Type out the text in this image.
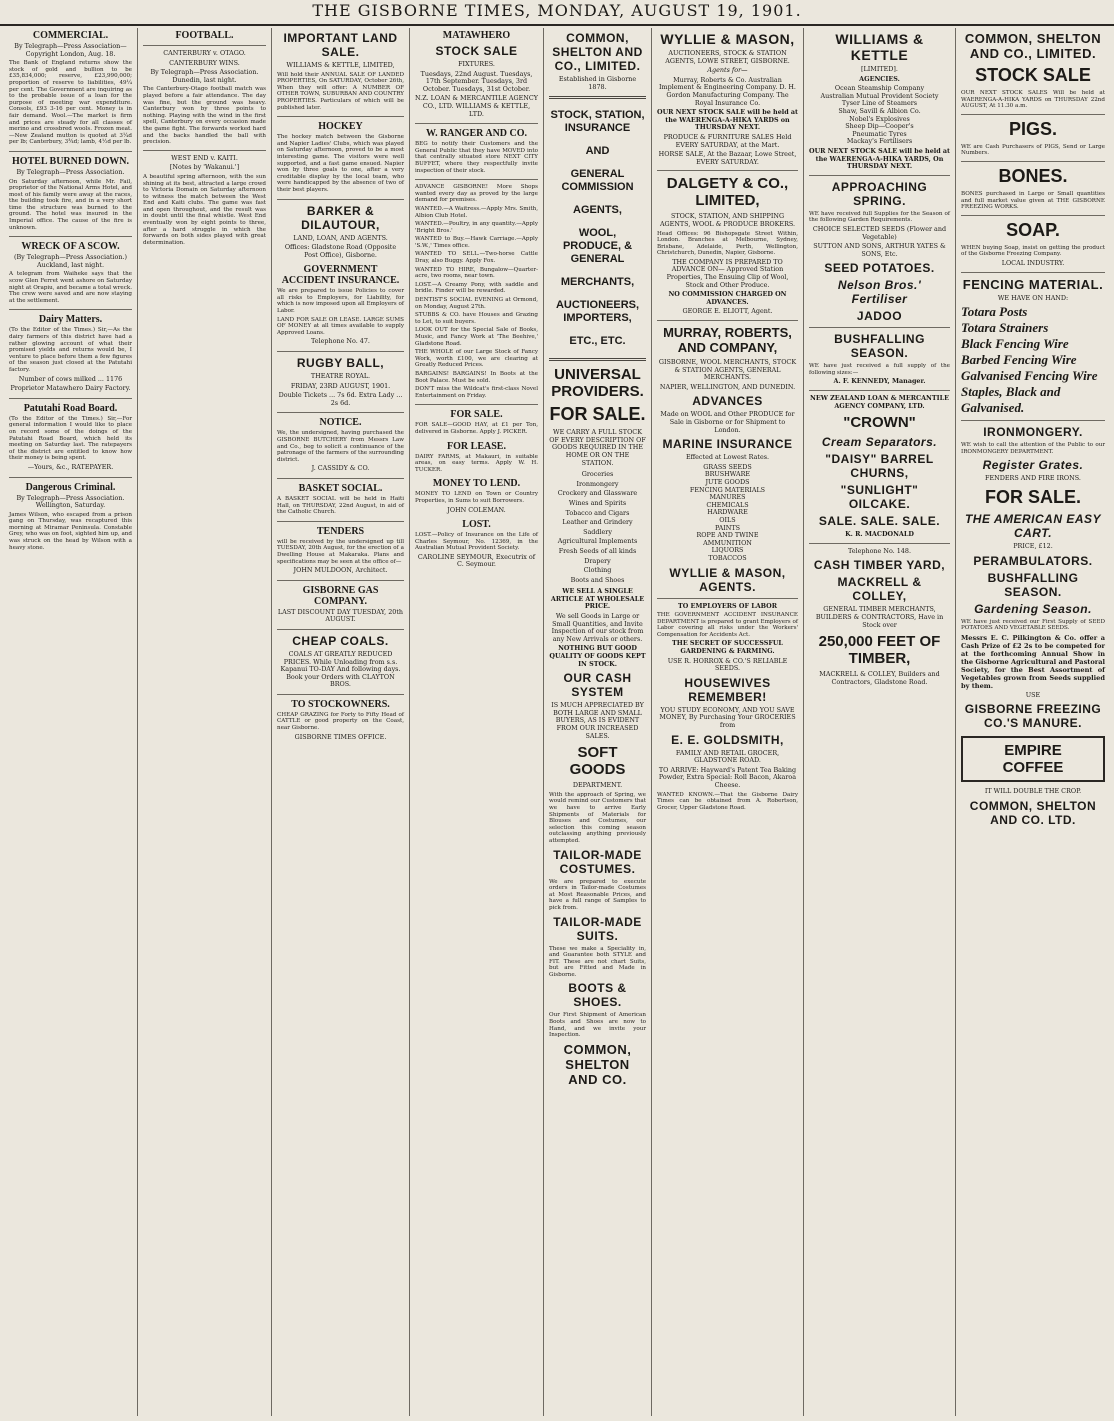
THE GISBORNE TIMES, MONDAY, AUGUST 19, 1901.
COMMERCIAL.
By Telegraph—Press Association—Copyright London, Aug. 18.
The Bank of England returns show the stock of gold and bullion to be £35,834,000; reserve, £23,990,000; proportion of reserve to liabilities, 49¼ per cent. The Government are inquiring as to the probable issue of a loan for the purpose of meeting war expenditure. Consols, £93 3-16 per cent. Money is in fair demand. Wool.—The market is firm and prices are steady for all classes of merino and crossbred wools. Frozen meat.—New Zealand mutton is quoted at 3¼d per lb; Canterbury, 3¾d; lamb, 4½d per lb.
HOTEL BURNED DOWN.
By Telegraph—Press Association.
On Saturday afternoon, while Mr. Fail, proprietor of the National Arms Hotel, and most of his family were away at the races, the building took fire, and in a very short time the structure was burned to the ground. The hotel was insured in the Imperial office. The cause of the fire is unknown.
WRECK OF A SCOW.
(By Telegraph—Press Association.) Auckland, last night.
A telegram from Waiheke says that the scow Glen Ferret went ashore on Saturday night at Orapiu, and became a total wreck. The crew were saved and are now staying at the settlement.
Dairy Matters.
(To the Editor of the Times.) Sir,—As the dairy farmers of this district have had a rather glowing account of what their promised yields and returns would be, I venture to place before them a few figures of the season just closed at the Patutahi factory.
Number of cows milked ... 1176
Proprietor Matawhero Dairy Factory.
Patutahi Road Board.
(To the Editor of the Times.) Sir,—For general information I would like to place on record some of the doings of the Patutahi Road Board, which held its meeting on Saturday last. The ratepayers of the district are entitled to know how their money is being spent.
—Yours, &c., RATEPAYER.
Dangerous Criminal.
By Telegraph—Press Association. Wellington, Saturday.
James Wilson, who escaped from a prison gang on Thursday, was recaptured this morning at Miramar Peninsula. Constable Grey, who was on foot, sighted him up, and was struck on the head by Wilson with a heavy stone.
FOOTBALL.
CANTERBURY v. OTAGO.
CANTERBURY WINS.
By Telegraph—Press Association. Dunedin, last night.
The Canterbury-Otago football match was played before a fair attendance. The day was fine, but the ground was heavy. Canterbury won by three points to nothing. Playing with the wind in the first spell, Canterbury on every occasion made the game fight. The forwards worked hard and the backs handled the ball with precision.
WEST END v. KAITI.
[Notes by 'Wakanui.']
A beautiful spring afternoon, with the sun shining at its best, attracted a large crowd to Victoria Domain on Saturday afternoon to witness the match between the West End and Kaiti clubs. The game was fast and open throughout, and the result was in doubt until the final whistle. West End eventually won by eight points to three, after a hard struggle in which the forwards on both sides played with great determination.
IMPORTANT LAND SALE.
WILLIAMS & KETTLE, LIMITED,
Will hold their ANNUAL SALE OF LANDED PROPERTIES, On SATURDAY, October 26th, When they will offer: A NUMBER OF OTHER TOWN, SUBURBAN AND COUNTRY PROPERTIES. Particulars of which will be published later.
HOCKEY
The hockey match between the Gisborne and Napier Ladies' Clubs, which was played on Saturday afternoon, proved to be a most interesting game. The visitors were well supported, and a fast game ensued. Napier won by three goals to one, after a very creditable display by the local team, who were handicapped by the absence of two of their best players.
BARKER & DILAUTOUR,
LAND, LOAN, AND AGENTS.
Offices: Gladstone Road (Opposite Post Office), Gisborne.
GOVERNMENT ACCIDENT INSURANCE.
We are prepared to issue Policies to cover all risks to Employers, for Liability, for which is now imposed upon all Employers of Labor.
LAND FOR SALE OR LEASE. LARGE SUMS OF MONEY at all times available to supply Approved Loans.
Telephone No. 47.
RUGBY BALL,
THEATRE ROYAL.
FRIDAY, 23RD AUGUST, 1901.
Double Tickets ... 7s 6d. Extra Lady ... 2s 6d.
NOTICE.
We, the undersigned, having purchased the GISBORNE BUTCHERY from Messrs Law and Co., beg to solicit a continuance of the patronage of the farmers of the surrounding district.
J. CASSIDY & CO.
BASKET SOCIAL.
A BASKET SOCIAL will be held in Haiti Hall, on THURSDAY, 22nd August, in aid of the Catholic Church.
TENDERS
will be received by the undersigned up till TUESDAY, 20th August, for the erection of a Dwelling House at Makaraka. Plans and specifications may be seen at the office of—
JOHN MULDOON, Architect.
GISBORNE GAS COMPANY.
LAST DISCOUNT DAY TUESDAY, 20th AUGUST.
CHEAP COALS.
COALS AT GREATLY REDUCED PRICES. While Unloading from s.s. Kapanui TO-DAY And following days. Book your Orders with CLAYTON BROS.
TO STOCKOWNERS.
CHEAP GRAZING for Forty to Fifty Head of CATTLE or good property on the Coast, near Gisborne.
GISBORNE TIMES OFFICE.
MATAWHERO
STOCK SALE
FIXTURES.
Tuesdays, 22nd August. Tuesdays, 17th September. Tuesdays, 3rd October. Tuesdays, 31st October.
N.Z. LOAN & MERCANTILE AGENCY CO., LTD. WILLIAMS & KETTLE, LTD.
W. RANGER AND CO.
BEG to notify their Customers and the General Public that they have MOVED into that centrally situated store NEXT CITY BUFFET, where they respectfully invite inspection of their stock.
ADVANCE GISBORNE! More Shops wanted every day as proved by the large demand for premises.
WANTED.—A Waitress.—Apply Mrs. Smith, Albion Club Hotel.
WANTED.—Poultry, in any quantity.—Apply 'Bright Bros.'
WANTED to Buy.—Hawk Carriage.—Apply 'S.W.,' Times office.
WANTED TO SELL.—Two-horse Cattle Dray, also Buggy. Apply Fox.
WANTED TO HIRE, Bungalow—Quarter-acre, two rooms, near town.
LOST.—A Creamy Pony, with saddle and bridle. Finder will be rewarded.
DENTIST'S SOCIAL EVENING at Ormond, on Monday, August 27th.
STUBBS & CO. have Houses and Grazing to Let, to suit buyers.
LOOK OUT for the Special Sale of Books, Music, and Fancy Work at 'The Beehive,' Gladstone Road.
THE WHOLE of our Large Stock of Fancy Work, worth £100, we are clearing at Greatly Reduced Prices.
BARGAINS! BARGAINS! In Boots at the Boot Palace. Must be sold.
DON'T miss the Wildcat's first-class Novel Entertainment on Friday.
FOR SALE.
FOR SALE—GOOD HAY, at £1 per Ton, delivered in Gisborne. Apply J. PICKER.
FOR LEASE.
DAIRY FARMS, at Makauri, in suitable areas, on easy terms. Apply W. H. TUCKER.
MONEY TO LEND.
MONEY TO LEND on Town or Country Properties, in Sums to suit Borrowers.
JOHN COLEMAN.
LOST.
LOST.—Policy of Insurance on the Life of Charles Seymour, No. 12369, in the Australian Mutual Provident Society.
CAROLINE SEYMOUR, Executrix of C. Seymour.
COMMON, SHELTON AND CO., LIMITED.
Established in Gisborne 1878.
STOCK, STATION, INSURANCE
AND
GENERAL COMMISSION
AGENTS,
WOOL, PRODUCE, & GENERAL
MERCHANTS,
AUCTIONEERS, IMPORTERS,
ETC., ETC.
UNIVERSAL PROVIDERS.
FOR SALE.
WE CARRY A FULL STOCK OF EVERY DESCRIPTION OF GOODS REQUIRED IN THE HOME OR ON THE STATION.
Groceries
Ironmongery
Crockery and Glassware
Wines and Spirits
Tobacco and Cigars
Leather and Grindery
Saddlery
Agricultural Implements
Fresh Seeds of all kinds
Drapery
Clothing
Boots and Shoes
WE SELL A SINGLE ARTICLE AT WHOLESALE PRICE.
We sell Goods in Large or Small Quantities, and Invite Inspection of our stock from any New Arrivals or others.
NOTHING BUT GOOD QUALITY OF GOODS KEPT IN STOCK.
OUR CASH SYSTEM
IS MUCH APPRECIATED BY BOTH LARGE AND SMALL BUYERS, AS IS EVIDENT FROM OUR INCREASED SALES.
SOFT GOODS
DEPARTMENT.
With the approach of Spring, we would remind our Customers that we have to arrive Early Shipments of Materials for Blouses and Costumes, our selection this coming season outclassing anything previously attempted.
TAILOR-MADE COSTUMES.
We are prepared to execute orders in Tailor-made Costumes at Most Reasonable Prices, and have a full range of Samples to pick from.
TAILOR-MADE SUITS.
These we make a Speciality in, and Guarantee both STYLE and FIT. These are not chart Suits, but are Fitted and Made in Gisborne.
BOOTS & SHOES.
Our First Shipment of American Boots and Shoes are now to Hand, and we invite your Inspection.
COMMON, SHELTON AND CO.
WYLLIE & MASON,
AUCTIONEERS, STOCK & STATION AGENTS, LOWE STREET, GISBORNE.
Agents for—
Murray, Roberts & Co. Australian Implement & Engineering Company. D. H. Gordon Manufacturing Company. The Royal Insurance Co.
OUR NEXT STOCK SALE will be held at the WAERENGA-A-HIKA YARDS on THURSDAY NEXT.
PRODUCE & FURNITURE SALES Held EVERY SATURDAY, at the Mart.
HORSE SALE, At the Bazaar, Lowe Street, EVERY SATURDAY.
DALGETY & CO., LIMITED,
STOCK, STATION, AND SHIPPING AGENTS, WOOL & PRODUCE BROKERS.
Head Offices: 96 Bishopsgate Street Within, London. Branches at Melbourne, Sydney, Brisbane, Adelaide, Perth, Wellington, Christchurch, Dunedin, Napier, Gisborne.
THE COMPANY IS PREPARED TO ADVANCE ON— Approved Station Properties, The Ensuing Clip of Wool, Stock and Other Produce.
NO COMMISSION CHARGED ON ADVANCES.
GEORGE E. ELIOTT, Agent.
MURRAY, ROBERTS, AND COMPANY,
GISBORNE, WOOL MERCHANTS, STOCK & STATION AGENTS, GENERAL MERCHANTS.
NAPIER, WELLINGTON, AND DUNEDIN.
ADVANCES
Made on WOOL and Other PRODUCE for Sale in Gisborne or for Shipment to London.
MARINE INSURANCE
Effected at Lowest Rates.
GRASS SEEDS
BRUSHWARE
JUTE GOODS
FENCING MATERIALS
MANURES
CHEMICALS
HARDWARE
OILS
PAINTS
ROPE AND TWINE
AMMUNITION
LIQUORS
TOBACCOS
WYLLIE & MASON, AGENTS.
TO EMPLOYERS OF LABOR
THE GOVERNMENT ACCIDENT INSURANCE DEPARTMENT is prepared to grant Employers of Labor covering all risks under the Workers' Compensation for Accidents Act.
THE SECRET OF SUCCESSFUL GARDENING & FARMING.
USE R. HORROX & CO.'S RELIABLE SEEDS.
HOUSEWIVES REMEMBER!
YOU STUDY ECONOMY, AND YOU SAVE MONEY, By Purchasing Your GROCERIES from
E. E. GOLDSMITH,
FAMILY AND RETAIL GROCER, GLADSTONE ROAD.
TO ARRIVE: Hayward's Patent Tea Baking Powder, Extra Special: Roll Bacon, Akaroa Cheese.
WANTED KNOWN.—That the Gisborne Dairy Times can be obtained from A. Robertson, Grocer, Upper Gladstone Road.
WILLIAMS & KETTLE
[LIMITED].
AGENCIES.
Ocean Steamship Company
Australian Mutual Provident Society
Tyser Line of Steamers
Shaw, Savill & Albion Co.
Nobel's Explosives
Sheep Dip—Cooper's
Pneumatic Tyres
Mackay's Fertilisers
OUR NEXT STOCK SALE will be held at the WAERENGA-A-HIKA YARDS, On THURSDAY NEXT.
APPROACHING SPRING.
WE have received full Supplies for the Season of the following Garden Requirements.
CHOICE SELECTED SEEDS (Flower and Vegetable)
SUTTON AND SONS, ARTHUR YATES & SONS, Etc.
SEED POTATOES.
Nelson Bros.' Fertiliser
JADOO
BUSHFALLING SEASON.
WE have just received a full supply of the following sizes:—
A. F. KENNEDY, Manager.
NEW ZEALAND LOAN & MERCANTILE AGENCY COMPANY, LTD.
"CROWN"
Cream Separators.
"DAISY" BARREL CHURNS,
"SUNLIGHT" OILCAKE.
SALE. SALE. SALE.
K. R. MACDONALD
Telephone No. 148.
CASH TIMBER YARD,
MACKRELL & COLLEY,
GENERAL TIMBER MERCHANTS, BUILDERS & CONTRACTORS, Have in Stock over
250,000 FEET OF TIMBER,
MACKRELL & COLLEY, Builders and Contractors, Gladstone Road.
COMMON, SHELTON AND CO., LIMITED.
STOCK SALE
OUR NEXT STOCK SALES Will be held at WAERENGA-A-HIKA YARDS on THURSDAY 22nd AUGUST, At 11.30 a.m.
PIGS.
WE are Cash Purchasers of PIGS, Send or Large Numbers.
BONES.
BONES purchased in Large or Small quantities and full market value given at THE GISBORNE FREEZING WORKS.
SOAP.
WHEN buying Soap, insist on getting the product of the Gisborne Freezing Company.
LOCAL INDUSTRY.
FENCING MATERIAL.
WE HAVE ON HAND:
Totara Posts
Totara Strainers
Black Fencing Wire
Barbed Fencing Wire
Galvanised Fencing Wire
Staples, Black and Galvanised.
IRONMONGERY.
WE wish to call the attention of the Public to our IRONMONGERY DEPARTMENT.
Register Grates.
FENDERS AND FIRE IRONS.
FOR SALE.
THE AMERICAN EASY CART.
PRICE, £12.
PERAMBULATORS.
BUSHFALLING SEASON.
Gardening Season.
WE have just received our First Supply of SEED POTATOES AND VEGETABLE SEEDS.
Messrs E. C. Pilkington & Co. offer a Cash Prize of £2 2s to be competed for at the forthcoming Annual Show in the Gisborne Agricultural and Pastoral Society, for the Best Assortment of Vegetables grown from Seeds supplied by them.
USE
GISBORNE FREEZING CO.'S MANURE.
EMPIRE
COFFEE
IT WILL DOUBLE THE CROP.
COMMON, SHELTON AND CO. LTD.
